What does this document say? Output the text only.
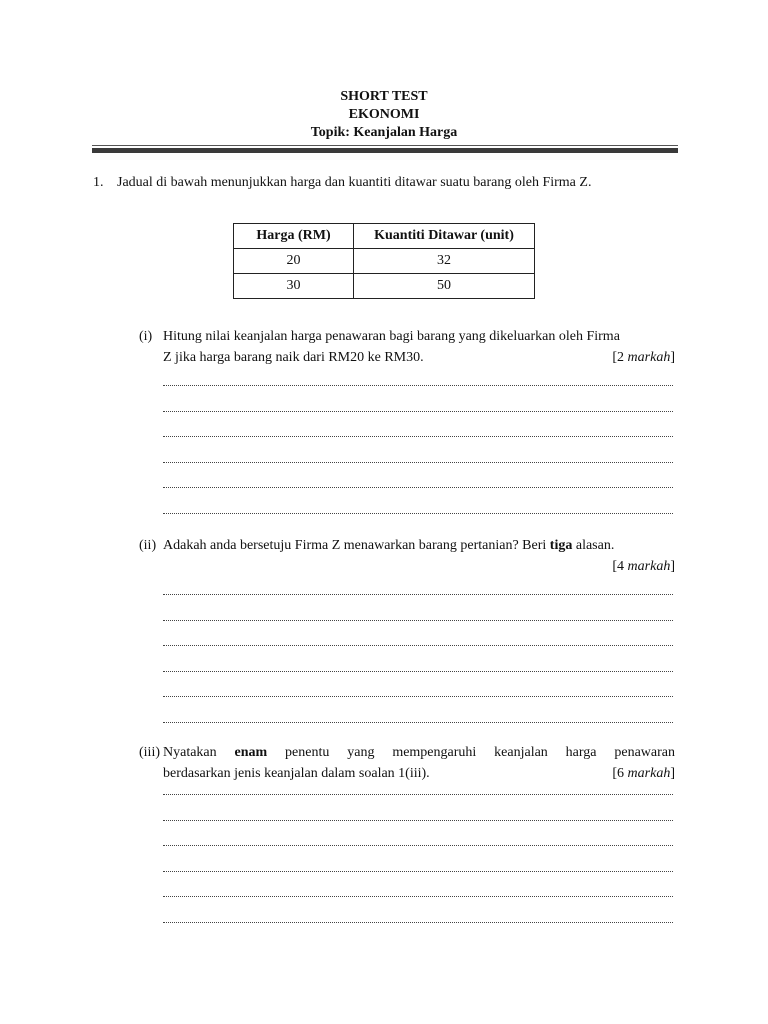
SHORT TEST
EKONOMI
Topik: Keanjalan Harga
1. Jadual di bawah menunjukkan harga dan kuantiti ditawar suatu barang oleh Firma Z.
Harga (RM)	Kuantiti Ditawar (unit)
20	32
30	50
(i) Hitung nilai keanjalan harga penawaran bagi barang yang dikeluarkan oleh Firma
Z jika harga barang naik dari RM20 ke RM30.	[2 markah]
(ii) Adakah anda bersetuju Firma Z menawarkan barang pertanian? Beri tiga alasan.
[4 markah]
(iii) Nyatakan enam penentu yang mempengaruhi keanjalan harga penawaran
berdasarkan jenis keanjalan dalam soalan 1(iii).	[6 markah]
